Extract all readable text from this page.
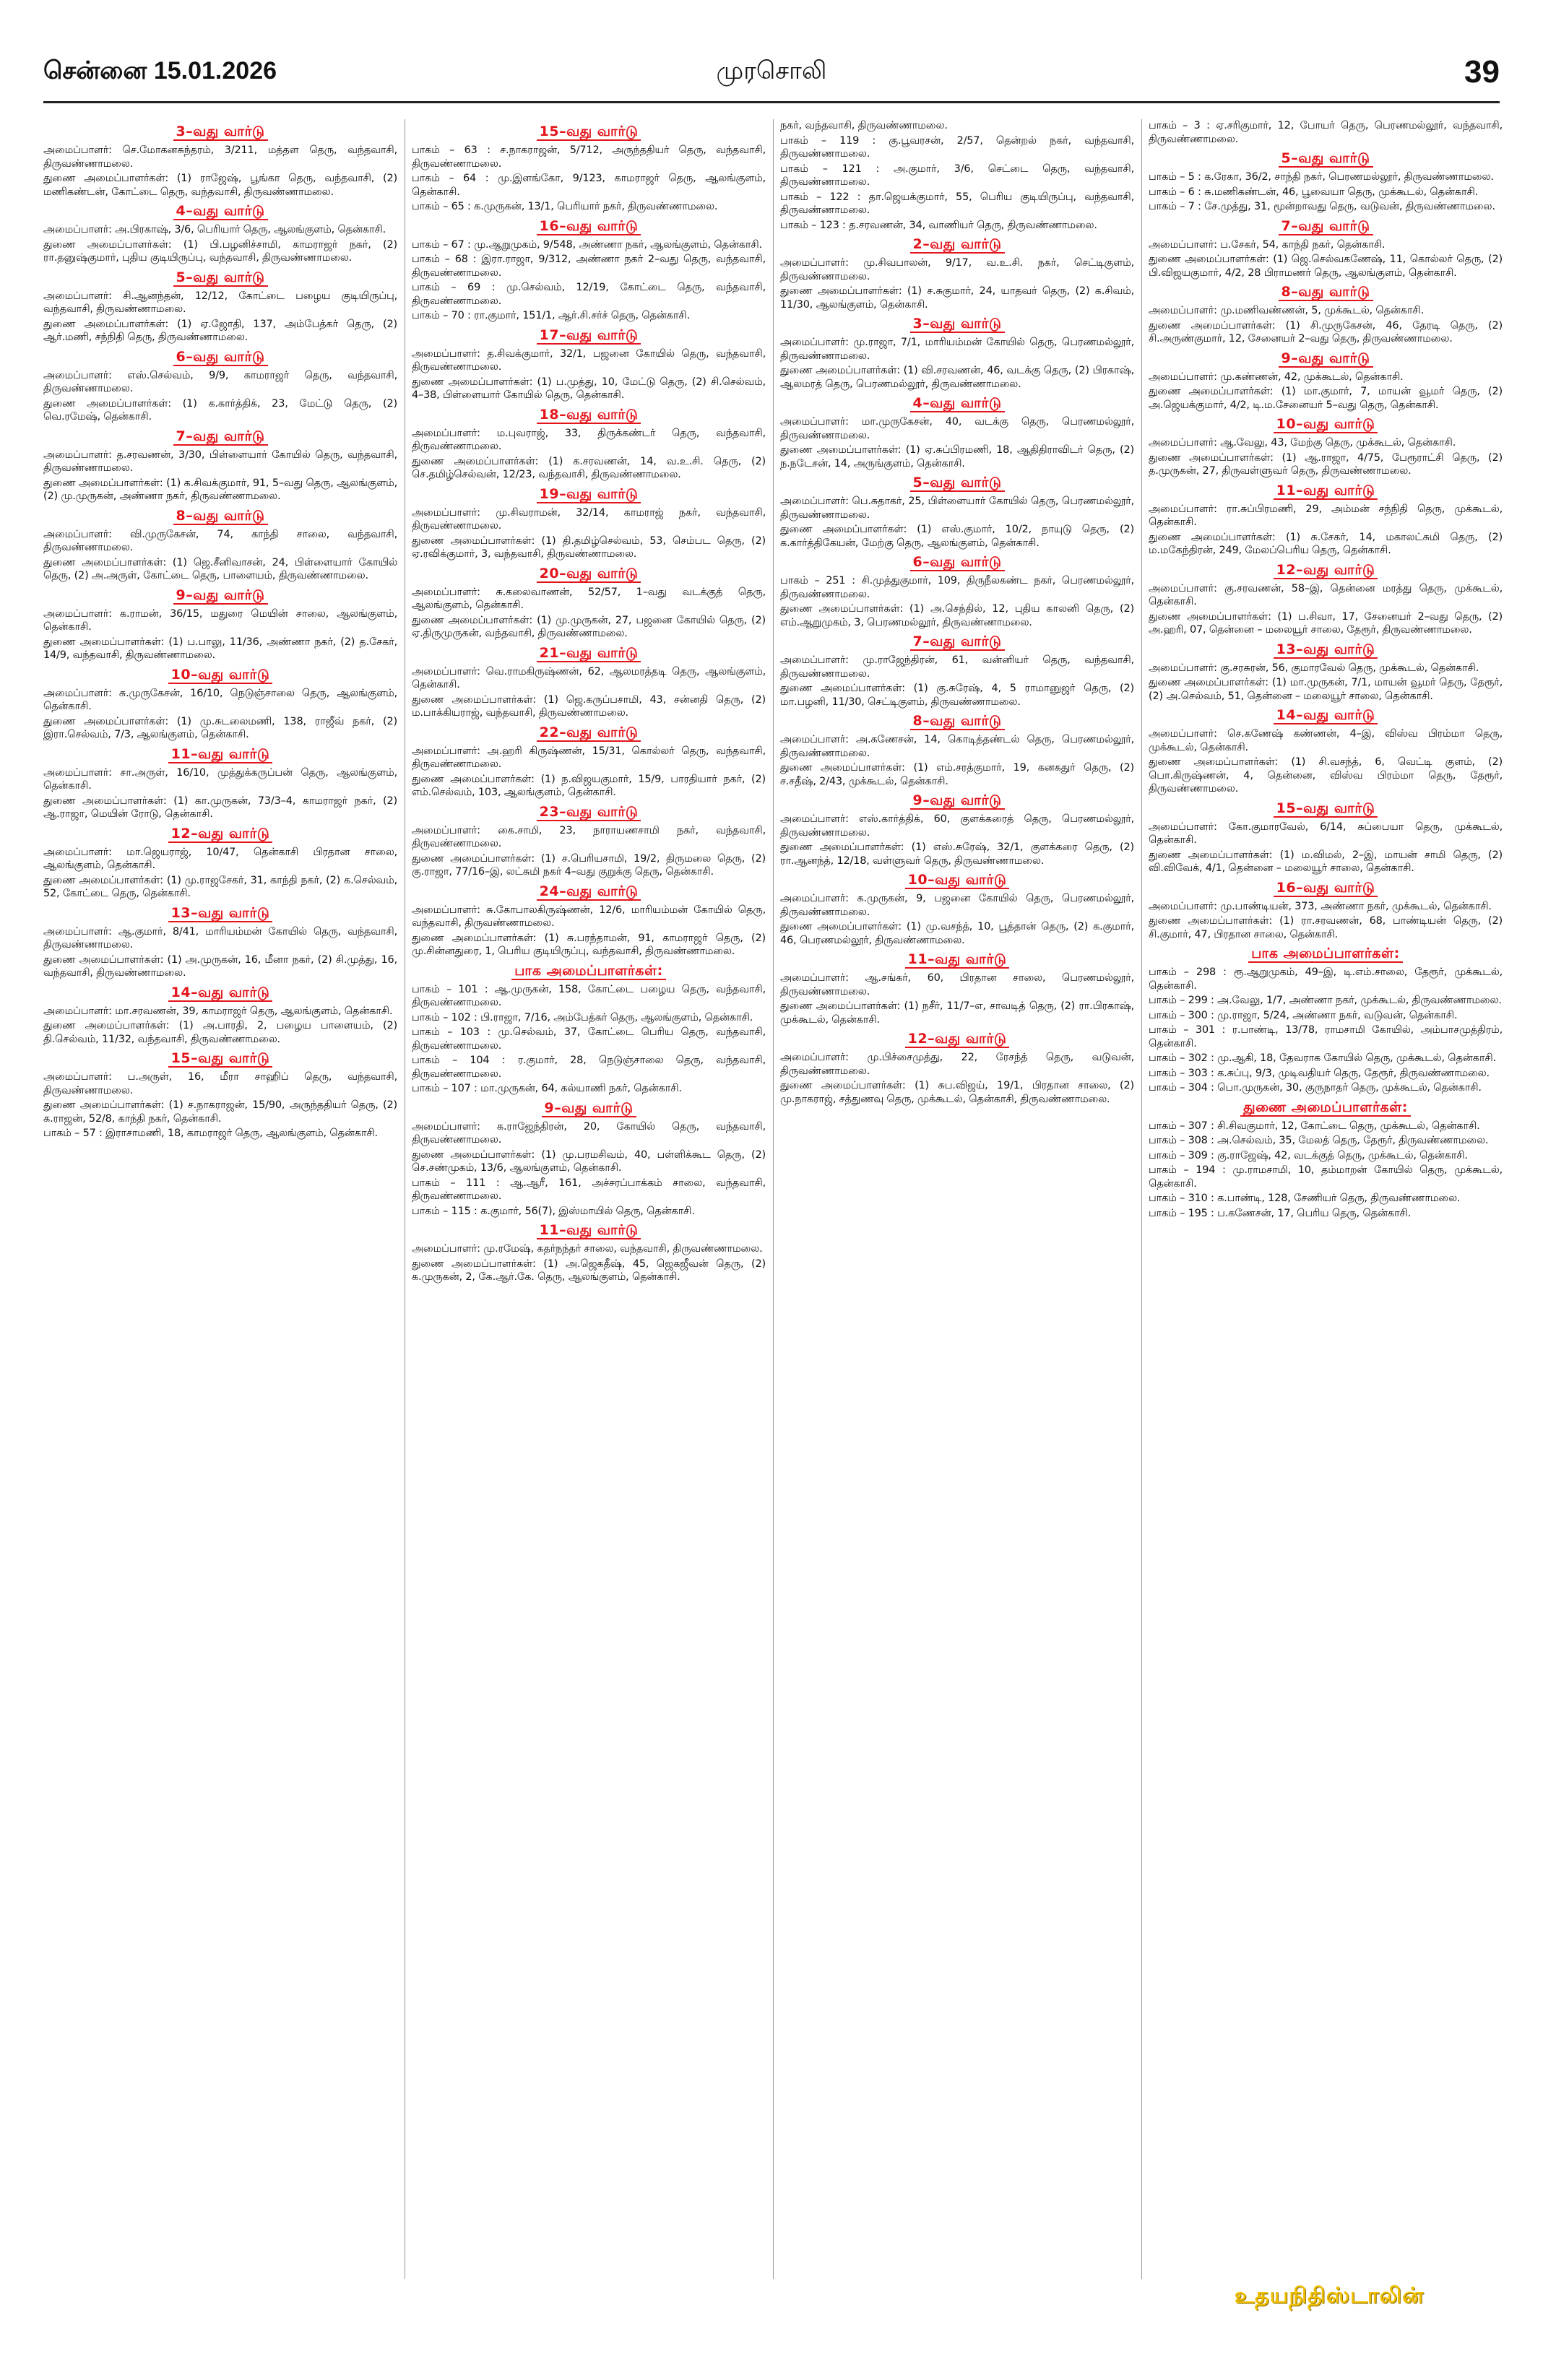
சென்னை 15.01.2026	முரசொலி	39
3–வது வார்டு

அமைப்பாளர்: செ.மோகனசுந்தரம், 3/211, மத்தள தெரு, வந்தவாசி, திருவண்ணாமலை.

துணை அமைப்பாளர்கள்: (1) ராஜேஷ், பூங்கா தெரு, வந்தவாசி, (2) மணிகண்டன், கோட்டை தெரு, வந்தவாசி, திருவண்ணாமலை.

4–வது வார்டு

அமைப்பாளர்: அ.பிரகாஷ், 3/6, பெரியார் தெரு, ஆலங்குளம், தென்காசி.

துணை அமைப்பாளர்கள்: (1) பி.பழனிச்சாமி, காமராஜர் நகர், (2) ரா.தனுஷ்குமார், புதிய குடியிருப்பு, வந்தவாசி, திருவண்ணாமலை.

5–வது வார்டு

அமைப்பாளர்: சி.ஆனந்தன், 12/12, கோட்டை பழைய குடியிருப்பு, வந்தவாசி, திருவண்ணாமலை.

துணை அமைப்பாளர்கள்: (1) ஏ.ஜோதி, 137, அம்பேத்கர் தெரு, (2) ஆர்.மணி, சந்நிதி தெரு, திருவண்ணாமலை.

6–வது வார்டு

அமைப்பாளர்: எஸ்.செல்வம், 9/9, காமராஜர் தெரு, வந்தவாசி, திருவண்ணாமலை.

துணை அமைப்பாளர்கள்: (1) க.கார்த்திக், 23, மேட்டு தெரு, (2) வெ.ரமேஷ், தென்காசி.

7–வது வார்டு

அமைப்பாளர்: த.சரவணன், 3/30, பிள்ளையார் கோயில் தெரு, வந்தவாசி, திருவண்ணாமலை.

துணை அமைப்பாளர்கள்: (1) க.சிவக்குமார், 91, 5–வது தெரு, ஆலங்குளம், (2) மு.முருகன், அண்ணா நகர், திருவண்ணாமலை.

8–வது வார்டு

அமைப்பாளர்: வி.முருகேசன், 74, காந்தி சாலை, வந்தவாசி, திருவண்ணாமலை.

துணை அமைப்பாளர்கள்: (1) ஜெ.சீனிவாசன், 24, பிள்ளையார் கோயில் தெரு, (2) அ.அருள், கோட்டை தெரு, பாளையம், திருவண்ணாமலை.

9–வது வார்டு

அமைப்பாளர்: க.ராமன், 36/15, மதுரை மெயின் சாலை, ஆலங்குளம், தென்காசி.

துணை அமைப்பாளர்கள்: (1) ப.பாலு, 11/36, அண்ணா நகர், (2) த.சேகர், 14/9, வந்தவாசி, திருவண்ணாமலை.

10–வது வார்டு

அமைப்பாளர்: சு.முருகேசன், 16/10, நெடுஞ்சாலை தெரு, ஆலங்குளம், தென்காசி.

துணை அமைப்பாளர்கள்: (1) மு.சுடலைமணி, 138, ராஜீவ் நகர், (2) இரா.செல்வம், 7/3, ஆலங்குளம், தென்காசி.

11–வது வார்டு

அமைப்பாளர்: சா.அருள், 16/10, முத்துக்கருப்பன் தெரு, ஆலங்குளம், தென்காசி.

துணை அமைப்பாளர்கள்: (1) கா.முருகன், 73/3–4, காமராஜர் நகர், (2) ஆ.ராஜா, மெயின் ரோடு, தென்காசி.

12–வது வார்டு

அமைப்பாளர்: மா.ஜெயராஜ், 10/47, தென்காசி பிரதான சாலை, ஆலங்குளம், தென்காசி.

துணை அமைப்பாளர்கள்: (1) மு.ராஜசேகர், 31, காந்தி நகர், (2) க.செல்வம், 52, கோட்டை தெரு, தென்காசி.

13–வது வார்டு

அமைப்பாளர்: ஆ.குமார், 8/41, மாரியம்மன் கோயில் தெரு, வந்தவாசி, திருவண்ணாமலை.

துணை அமைப்பாளர்கள்: (1) அ.முருகன், 16, மீனா நகர், (2) சி.முத்து, 16, வந்தவாசி, திருவண்ணாமலை.

14–வது வார்டு

அமைப்பாளர்: மா.சரவணன், 39, காமராஜர் தெரு, ஆலங்குளம், தென்காசி.

துணை அமைப்பாளர்கள்: (1) அ.பாரதி, 2, பழைய பாளையம், (2) தி.செல்வம், 11/32, வந்தவாசி, திருவண்ணாமலை.

15–வது வார்டு

அமைப்பாளர்: ப.அருள், 16, மீரா சாஹிப் தெரு, வந்தவாசி, திருவண்ணாமலை.

துணை அமைப்பாளர்கள்: (1) ச.நாகராஜன், 15/90, அருந்ததியர் தெரு, (2) க.ராஜன், 52/8, காந்தி நகர், தென்காசி.

பாகம் – 57 : இராசாமணி, 18, காமராஜர் தெரு, ஆலங்குளம், தென்காசி.

15–வது வார்டு

பாகம் – 63 : ச.நாகராஜன், 5/712, அருந்ததியர் தெரு, வந்தவாசி, திருவண்ணாமலை.

பாகம் – 64 : மு.இளங்கோ, 9/123, காமராஜர் தெரு, ஆலங்குளம், தென்காசி.

பாகம் – 65 : க.முருகன், 13/1, பெரியார் நகர், திருவண்ணாமலை.

16–வது வார்டு

பாகம் – 67 : மு.ஆறுமுகம், 9/548, அண்ணா நகர், ஆலங்குளம், தென்காசி.

பாகம் – 68 : இரா.ராஜா, 9/312, அண்ணா நகர் 2–வது தெரு, வந்தவாசி, திருவண்ணாமலை.

பாகம் – 69 : மு.செல்வம், 12/19, கோட்டை தெரு, வந்தவாசி, திருவண்ணாமலை.

பாகம் – 70 : ரா.குமார், 151/1, ஆர்.சி.சர்ச் தெரு, தென்காசி.

17–வது வார்டு

அமைப்பாளர்: த.சிவக்குமார், 32/1, பஜனை கோயில் தெரு, வந்தவாசி, திருவண்ணாமலை.

துணை அமைப்பாளர்கள்: (1) ப.முத்து, 10, மேட்டு தெரு, (2) சி.செல்வம், 4–38, பிள்ளையார் கோயில் தெரு, தென்காசி.

18–வது வார்டு

அமைப்பாளர்: ம.புவராஜ், 33, திருக்கண்டர் தெரு, வந்தவாசி, திருவண்ணாமலை.

துணை அமைப்பாளர்கள்: (1) க.சரவணன், 14, வ.உ.சி. தெரு, (2) செ.தமிழ்செல்வன், 12/23, வந்தவாசி, திருவண்ணாமலை.

19–வது வார்டு

அமைப்பாளர்: மு.சிவராமன், 32/14, காமராஜ் நகர், வந்தவாசி, திருவண்ணாமலை.

துணை அமைப்பாளர்கள்: (1) தி.தமிழ்செல்வம், 53, செம்பட தெரு, (2) ஏ.ரவிக்குமார், 3, வந்தவாசி, திருவண்ணாமலை.

20–வது வார்டு

அமைப்பாளர்: சு.கலைவாணன், 52/57, 1–வது வடக்குத் தெரு, ஆலங்குளம், தென்காசி.

துணை அமைப்பாளர்கள்: (1) மு.முருகன், 27, பஜனை கோயில் தெரு, (2) ஏ.திருமுருகன், வந்தவாசி, திருவண்ணாமலை.

21–வது வார்டு

அமைப்பாளர்: வெ.ராமகிருஷ்ணன், 62, ஆலமரத்தடி தெரு, ஆலங்குளம், தென்காசி.

துணை அமைப்பாளர்கள்: (1) ஜெ.கருப்பசாமி, 43, சன்னதி தெரு, (2) ம.பாக்கியராஜ், வந்தவாசி, திருவண்ணாமலை.

22–வது வார்டு

அமைப்பாளர்: அ.ஹரி கிருஷ்ணன், 15/31, கொல்லர் தெரு, வந்தவாசி, திருவண்ணாமலை.

துணை அமைப்பாளர்கள்: (1) ந.விஜயகுமார், 15/9, பாரதியார் நகர், (2) எம்.செல்வம், 103, ஆலங்குளம், தென்காசி.

23–வது வார்டு

அமைப்பாளர்: கை.சாமி, 23, நாராயணசாமி நகர், வந்தவாசி, திருவண்ணாமலை.

துணை அமைப்பாளர்கள்: (1) ச.பெரியசாமி, 19/2, திருமலை தெரு, (2) கு.ராஜா, 77/16–இ, லட்சுமி நகர் 4–வது குறுக்கு தெரு, தென்காசி.

24–வது வார்டு

அமைப்பாளர்: சு.கோபாலகிருஷ்ணன், 12/6, மாரியம்மன் கோயில் தெரு, வந்தவாசி, திருவண்ணாமலை.

துணை அமைப்பாளர்கள்: (1) சு.பரந்தாமன், 91, காமராஜர் தெரு, (2) மு.சின்னதுரை, 1, பெரிய குடியிருப்பு, வந்தவாசி, திருவண்ணாமலை.

பாக அமைப்பாளர்கள்:

பாகம் – 101 : ஆ.முருகன், 158, கோட்டை பழைய தெரு, வந்தவாசி, திருவண்ணாமலை.

பாகம் – 102 : பி.ராஜா, 7/16, அம்பேத்கர் தெரு, ஆலங்குளம், தென்காசி.

பாகம் – 103 : மு.செல்வம், 37, கோட்டை பெரிய தெரு, வந்தவாசி, திருவண்ணாமலை.

பாகம் – 104 : ர.குமார், 28, நெடுஞ்சாலை தெரு, வந்தவாசி, திருவண்ணாமலை.

பாகம் – 107 : மா.முருகன், 64, கல்யாணி நகர், தென்காசி.

9–வது வார்டு

அமைப்பாளர்: க.ராஜேந்திரன், 20, கோயில் தெரு, வந்தவாசி, திருவண்ணாமலை.

துணை அமைப்பாளர்கள்: (1) மு.பரமசிவம், 40, பள்ளிக்கூட தெரு, (2) செ.சண்முகம், 13/6, ஆலங்குளம், தென்காசி.

பாகம் – 111 : ஆ.ஆரீ, 161, அச்சரப்பாக்கம் சாலை, வந்தவாசி, திருவண்ணாமலை.

பாகம் – 115 : க.குமார், 56(7), இஸ்மாயில் தெரு, தென்காசி.

11–வது வார்டு

அமைப்பாளர்: மு.ரமேஷ், கதர்நந்தர் சாலை, வந்தவாசி, திருவண்ணாமலை.

துணை அமைப்பாளர்கள்: (1) அ.ஜெகதீஷ், 45, ஜெகஜீவன் தெரு, (2) க.முருகன், 2, கே.ஆர்.கே. தெரு, ஆலங்குளம், தென்காசி.

நகர், வந்தவாசி, திருவண்ணாமலை.

பாகம் – 119 : கு.பூவரசன், 2/57, தென்றல் நகர், வந்தவாசி, திருவண்ணாமலை.

பாகம் – 121 : அ.குமார், 3/6, செட்டை தெரு, வந்தவாசி, திருவண்ணாமலை.

பாகம் – 122 : தா.ஜெயக்குமார், 55, பெரிய குடியிருப்பு, வந்தவாசி, திருவண்ணாமலை.

பாகம் – 123 : த.சரவணன், 34, வாணியர் தெரு, திருவண்ணாமலை.

2–வது வார்டு

அமைப்பாளர்: மு.சிவபாலன், 9/17, வ.உ.சி. நகர், செட்டிகுளம், திருவண்ணாமலை.

துணை அமைப்பாளர்கள்: (1) ச.சுகுமார், 24, யாதவர் தெரு, (2) க.சிவம், 11/30, ஆலங்குளம், தென்காசி.

3–வது வார்டு

அமைப்பாளர்: மு.ராஜா, 7/1, மாரியம்மன் கோயில் தெரு, பெரணமல்லூர், திருவண்ணாமலை.

துணை அமைப்பாளர்கள்: (1) வி.சரவணன், 46, வடக்கு தெரு, (2) பிரகாஷ், ஆலமரத் தெரு, பெரணமல்லூர், திருவண்ணாமலை.

4–வது வார்டு

அமைப்பாளர்: மா.முருகேசன், 40, வடக்கு தெரு, பெரணமல்லூர், திருவண்ணாமலை.

துணை அமைப்பாளர்கள்: (1) ஏ.சுப்பிரமணி, 18, ஆதிதிராவிடர் தெரு, (2) ந.நடேசன், 14, அருங்குளம், தென்காசி.

5–வது வார்டு

அமைப்பாளர்: பெ.சுதாகர், 25, பிள்ளையார் கோயில் தெரு, பெரணமல்லூர், திருவண்ணாமலை.

துணை அமைப்பாளர்கள்: (1) எஸ்.குமார், 10/2, நாயுடு தெரு, (2) க.கார்த்திகேயன், மேற்கு தெரு, ஆலங்குளம், தென்காசி.

6–வது வார்டு

பாகம் – 251 : சி.முத்துகுமார், 109, திருநீலகண்ட நகர், பெரணமல்லூர், திருவண்ணாமலை.

துணை அமைப்பாளர்கள்: (1) அ.செந்தில், 12, புதிய காலனி தெரு, (2) எம்.ஆறுமுகம், 3, பெரணமல்லூர், திருவண்ணாமலை.

7–வது வார்டு

அமைப்பாளர்: மு.ராஜேந்திரன், 61, வன்னியர் தெரு, வந்தவாசி, திருவண்ணாமலை.

துணை அமைப்பாளர்கள்: (1) கு.சுரேஷ், 4, 5 ராமானுஜர் தெரு, (2) மா.பழனி, 11/30, செட்டிகுளம், திருவண்ணாமலை.

8–வது வார்டு

அமைப்பாளர்: அ.கணேசன், 14, கொடித்தண்டல் தெரு, பெரணமல்லூர், திருவண்ணாமலை.

துணை அமைப்பாளர்கள்: (1) எம்.சரத்குமார், 19, கனகதுர் தெரு, (2) ச.சதீஷ், 2/43, முக்கூடல், தென்காசி.

9–வது வார்டு

அமைப்பாளர்: எஸ்.கார்த்திக், 60, குளக்கரைத் தெரு, பெரணமல்லூர், திருவண்ணாமலை.

துணை அமைப்பாளர்கள்: (1) எஸ்.சுரேஷ், 32/1, குளக்கரை தெரு, (2) ரா.ஆனந்த், 12/18, வள்ளுவர் தெரு, திருவண்ணாமலை.

10–வது வார்டு

அமைப்பாளர்: க.முருகன், 9, பஜனை கோயில் தெரு, பெரணமல்லூர், திருவண்ணாமலை.

துணை அமைப்பாளர்கள்: (1) மு.வசந்த், 10, பூத்தான் தெரு, (2) க.குமார், 46, பெரணமல்லூர், திருவண்ணாமலை.

11–வது வார்டு

அமைப்பாளர்: ஆ.சங்கர், 60, பிரதான சாலை, பெரணமல்லூர், திருவண்ணாமலை.

துணை அமைப்பாளர்கள்: (1) நசீர், 11/7–எ, சாவடித் தெரு, (2) ரா.பிரகாஷ், முக்கூடல், தென்காசி.

12–வது வார்டு

அமைப்பாளர்: மு.பிச்சைமுத்து, 22, ரேசந்த் தெரு, வடுவன், திருவண்ணாமலை.

துணை அமைப்பாளர்கள்: (1) சுப.விஜய், 19/1, பிரதான சாலை, (2) மு.நாகராஜ், சத்துணவு தெரு, முக்கூடல், தென்காசி, திருவண்ணாமலை.

பாகம் – 3 : ஏ.சரிகுமார், 12, போயர் தெரு, பெரணமல்லூர், வந்தவாசி, திருவண்ணாமலை.

5–வது வார்டு

பாகம் – 5 : க.ரேகா, 36/2, சாந்தி நகர், பெரணமல்லூர், திருவண்ணாமலை.

பாகம் – 6 : சு.மணிகண்டன், 46, பூவையா தெரு, முக்கூடல், தென்காசி.

பாகம் – 7 : சே.முத்து, 31, மூன்றாவது தெரு, வடுவன், திருவண்ணாமலை.

7–வது வார்டு

அமைப்பாளர்: ப.சேகர், 54, காந்தி நகர், தென்காசி.

துணை அமைப்பாளர்கள்: (1) ஜெ.செல்வகணேஷ், 11, கொல்லர் தெரு, (2) பி.விஜயகுமார், 4/2, 28 பிராமணர் தெரு, ஆலங்குளம், தென்காசி.

8–வது வார்டு

அமைப்பாளர்: மு.மணிவண்ணன், 5, முக்கூடல், தென்காசி.

துணை அமைப்பாளர்கள்: (1) சி.முருகேசன், 46, தேரடி தெரு, (2) சி.அருண்குமார், 12, சேனையர் 2–வது தெரு, திருவண்ணாமலை.

9–வது வார்டு

அமைப்பாளர்: மு.கண்ணன், 42, முக்கூடல், தென்காசி.

துணை அமைப்பாளர்கள்: (1) மா.குமார், 7, மாயன் வூமர் தெரு, (2) அ.ஜெயக்குமார், 4/2, டி.ம.சேனையர் 5–வது தெரு, தென்காசி.

10–வது வார்டு

அமைப்பாளர்: ஆ.வேலு, 43, மேற்கு தெரு, முக்கூடல், தென்காசி.

துணை அமைப்பாளர்கள்: (1) ஆ.ராஜா, 4/75, பேரூராட்சி தெரு, (2) த.முருகன், 27, திருவள்ளுவர் தெரு, திருவண்ணாமலை.

11–வது வார்டு

அமைப்பாளர்: ரா.சுப்பிரமணி, 29, அம்மன் சந்நிதி தெரு, முக்கூடல், தென்காசி.

துணை அமைப்பாளர்கள்: (1) சு.சேகர், 14, மகாலட்சுமி தெரு, (2) ம.மகேந்திரன், 249, மேலப்பெரிய தெரு, தென்காசி.

12–வது வார்டு

அமைப்பாளர்: கு.சரவணன், 58–இ, தென்னை மரத்து தெரு, முக்கூடல், தென்காசி.

துணை அமைப்பாளர்கள்: (1) ப.சிவா, 17, சேனையர் 2–வது தெரு, (2) அ.ஹரி, 07, தென்னை – மலையூர் சாலை, தேரூர், திருவண்ணாமலை.

13–வது வார்டு

அமைப்பாளர்: கு.சரசுரன், 56, குமாரவேல் தெரு, முக்கூடல், தென்காசி.

துணை அமைப்பாளர்கள்: (1) மா.முருகன், 7/1, மாயன் வூமர் தெரு, தேரூர், (2) அ.செல்வம், 51, தென்னை – மலையூர் சாலை, தென்காசி.

14–வது வார்டு

அமைப்பாளர்: செ.கணேஷ் கண்ணன், 4–இ, விஸ்வ பிரம்மா தெரு, முக்கூடல், தென்காசி.

துணை அமைப்பாளர்கள்: (1) சி.வசந்த், 6, வெட்டி குளம், (2) பொ.கிருஷ்ணன், 4, தென்னை, விஸ்வ பிரம்மா தெரு, தேரூர், திருவண்ணாமலை.

15–வது வார்டு

அமைப்பாளர்: கோ.குமாரவேல், 6/14, சுப்பையா தெரு, முக்கூடல், தென்காசி.

துணை அமைப்பாளர்கள்: (1) ம.விமல், 2–இ, மாயன் சாமி தெரு, (2) வி.விவேக், 4/1, தென்னை – மலையூர் சாலை, தென்காசி.

16–வது வார்டு

அமைப்பாளர்: மு.பாண்டியன், 373, அண்ணா நகர், முக்கூடல், தென்காசி.

துணை அமைப்பாளர்கள்: (1) ரா.சரவணன், 68, பாண்டியன் தெரு, (2) சி.குமார், 47, பிரதான சாலை, தென்காசி.

பாக அமைப்பாளர்கள்:

பாகம் – 298 : ரூ.ஆறுமுகம், 49–இ, டி.எம்.சாலை, தேரூர், முக்கூடல், தென்காசி.

பாகம் – 299 : அ.வேலு, 1/7, அண்ணா நகர், முக்கூடல், திருவண்ணாமலை.

பாகம் – 300 : மு.ராஜா, 5/24, அண்ணா நகர், வடுவன், தென்காசி.

பாகம் – 301 : ர.பாண்டி, 13/78, ராமசாமி கோயில், அம்பாசமுத்திரம், தென்காசி.

பாகம் – 302 : மு.ஆகி, 18, தேவராக கோயில் தெரு, முக்கூடல், தென்காசி.

பாகம் – 303 : க.சுப்பு, 9/3, முடிவதியர் தெரு, தேரூர், திருவண்ணாமலை.

பாகம் – 304 : பொ.முருகன், 30, குருநாதர் தெரு, முக்கூடல், தென்காசி.

துணை அமைப்பாளர்கள்:

பாகம் – 307 : சி.சிவகுமார், 12, கோட்டை தெரு, முக்கூடல், தென்காசி.

பாகம் – 308 : அ.செல்வம், 35, மேலத் தெரு, தேரூர், திருவண்ணாமலை.

பாகம் – 309 : கு.ராஜேஷ், 42, வடக்குத் தெரு, முக்கூடல், தென்காசி.

பாகம் – 194 : மு.ராமசாமி, 10, தம்மாறன் கோயில் தெரு, முக்கூடல், தென்காசி.

பாகம் – 310 : க.பாண்டி, 128, சேணியர் தெரு, திருவண்ணாமலை.

பாகம் – 195 : ப.கணேசன், 17, பெரிய தெரு, தென்காசி.

உதயநிதிஸ்டாலின்
